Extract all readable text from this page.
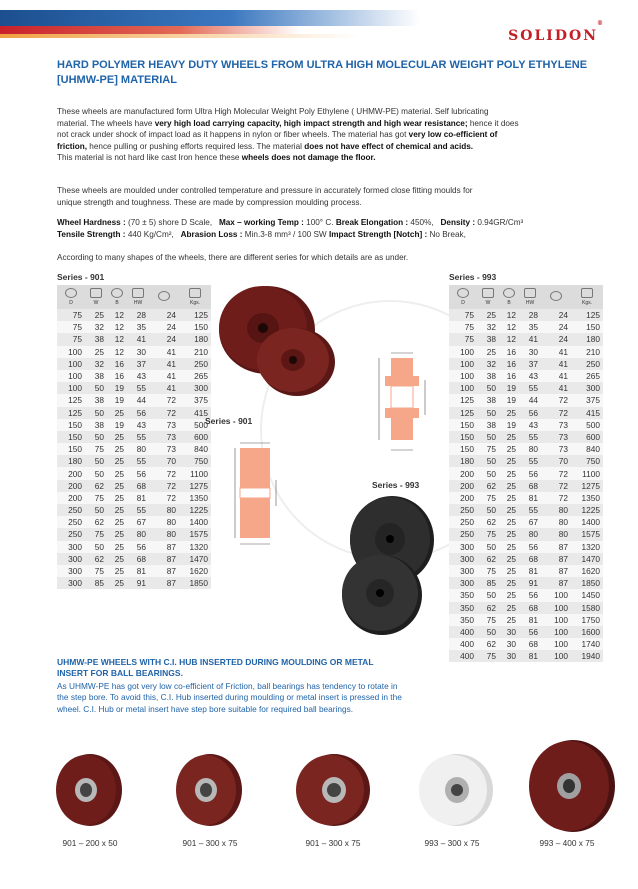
SOLIDON
®
HARD POLYMER HEAVY DUTY WHEELS FROM ULTRA HIGH MOLECULAR WEIGHT POLY ETHYLENE [UHMW-PE] MATERIAL
These wheels are manufactured form Ultra High Molecular Weight Poly Ethylene ( UHMW-PE) material. Self lubricating
material. The wheels have very high load carrying capacity, high impact strength and high wear resistance; hence it does
not crack under shock of impact load as it happens in nylon or fiber wheels. The material has got very low co-efficient of
friction, hence pulling or pushing efforts required less. The material does not have effect of chemical and acids.
This material is not hard like cast Iron hence these wheels does not damage the floor.
These wheels are moulded under controlled temperature and pressure in accurately formed close fitting moulds for
unique strength and toughness. These are made by compression moulding process.
Wheel Hardness : (70 ± 5) shore D Scale, Max – working Temp : 100° C. Break Elongation : 450%, Density : 0.94GR/Cm³
Tensile Strength : 440 Kg/Cm², Abrasion Loss : Min.3-8 mm³ / 100 SW Impact Strength [Notch] : No Break,
According to many shapes of the wheels, there are different series for which details are as under.
Series - 901
D	W	B	HW		Kgs.

75	25	12	28	24	125
75	32	12	35	24	150
75	38	12	41	24	180
100	25	12	30	41	210
100	32	16	37	41	250
100	38	16	43	41	265
100	50	19	55	41	300
125	38	19	44	72	375
125	50	25	56	72	415
150	38	19	43	73	500
150	50	25	55	73	600
150	75	25	80	73	840
180	50	25	55	70	750
200	50	25	56	72	1100
200	62	25	68	72	1275
200	75	25	81	72	1350
250	50	25	55	80	1225
250	62	25	67	80	1400
250	75	25	80	80	1575
300	50	25	56	87	1320
300	62	25	68	87	1470
300	75	25	81	87	1620
300	85	25	91	87	1850
Series - 993
D	W	B	HW		Kgs.

75	25	12	28	24	125
75	32	12	35	24	150
75	38	12	41	24	180
100	25	16	30	41	210
100	32	16	37	41	250
100	38	16	43	41	265
100	50	19	55	41	300
125	38	19	44	72	375
125	50	25	56	72	415
150	38	19	43	73	500
150	50	25	55	73	600
150	75	25	80	73	840
180	50	25	55	70	750
200	50	25	56	72	1100
200	62	25	68	72	1275
200	75	25	81	72	1350
250	50	25	55	80	1225
250	62	25	67	80	1400
250	75	25	80	80	1575
300	50	25	56	87	1320
300	62	25	68	87	1470
300	75	25	81	87	1620
300	85	25	91	87	1850
350	50	25	56	100	1450
350	62	25	68	100	1580
350	75	25	81	100	1750
400	50	30	56	100	1600
400	62	30	68	100	1740
400	75	30	81	100	1940
Series - 901
Series - 993
UHMW-PE WHEELS WITH C.I. HUB INSERTED DURING MOULDING OR METAL INSERT FOR BALL BEARINGS.
As UHMW-PE has got very low co-efficient of Friction, ball bearings has tendency to rotate in the step bore. To avoid this, C.I. Hub inserted during moulding or metal insert is pressed in the wheel. C.I. Hub or metal insert have step bore suitable for required ball bearings.
901 – 200 x 50	901 – 300 x 75	901 – 300 x 75	993 – 300 x 75	993 – 400 x 75
